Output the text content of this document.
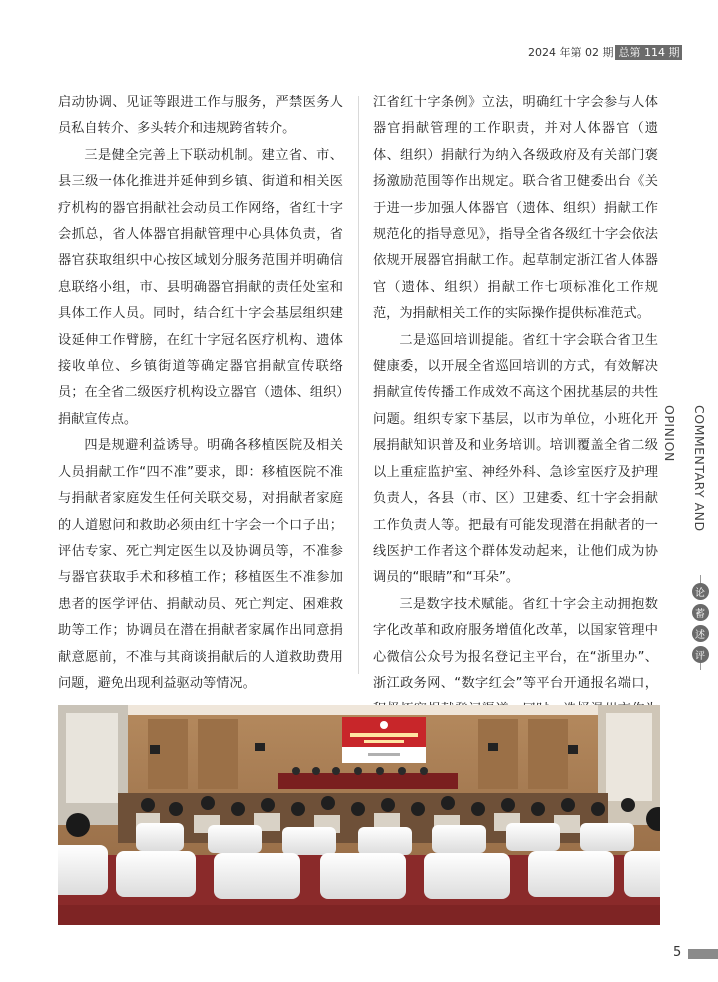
2024 年第 02 期 总第 114 期

启动协调、见证等跟进工作与服务，严禁医务人员私自转介、多头转介和违规跨省转介。

三是健全完善上下联动机制。建立省、市、县三级一体化推进并延伸到乡镇、街道和相关医疗机构的器官捐献社会动员工作网络，省红十字会抓总，省人体器官捐献管理中心具体负责，省器官获取组织中心按区域划分服务范围并明确信息联络小组，市、县明确器官捐献的责任处室和具体工作人员。同时，结合红十字会基层组织建设延伸工作臂膀，在红十字冠名医疗机构、遗体接收单位、乡镇街道等确定器官捐献宣传联络员；在全省二级医疗机构设立器官（遗体、组织）捐献宣传点。

四是规避利益诱导。明确各移植医院及相关人员捐献工作“四不准”要求，即：移植医院不准与捐献者家庭发生任何关联交易，对捐献者家庭的人道慰问和救助必须由红十字会一个口子出；评估专家、死亡判定医生以及协调员等，不准参与器官获取手术和移植工作；移植医生不准参加患者的医学评估、捐献动员、死亡判定、困难救助等工作；协调员在潜在捐献者家属作出同意捐献意愿前，不准与其商谈捐献后的人道救助费用问题，避免出现利益驱动等情况。

江省红十字条例》立法，明确红十字会参与人体器官捐献管理的工作职责，并对人体器官（遗体、组织）捐献行为纳入各级政府及有关部门褒扬激励范围等作出规定。联合省卫健委出台《关于进一步加强人体器官（遗体、组织）捐献工作规范化的指导意见》，指导全省各级红十字会依法依规开展器官捐献工作。起草制定浙江省人体器官（遗体、组织）捐献工作七项标准化工作规范，为捐献相关工作的实际操作提供标准范式。

二是巡回培训提能。省红十字会联合省卫生健康委，以开展全省巡回培训的方式，有效解决捐献宣传传播工作成效不高这个困扰基层的共性问题。组织专家下基层，以市为单位，小班化开展捐献知识普及和业务培训。培训覆盖全省二级以上重症监护室、神经外科、急诊室医疗及护理负责人，各县（市、区）卫建委、红十字会捐献工作负责人等。把最有可能发现潜在捐献者的一线医护工作者这个群体发动起来，让他们成为协调员的“眼睛”和“耳朵”。

三是数字技术赋能。省红十字会主动拥抱数字化改革和政府服务增值化改革，以国家管理中心微信公众号为报名登记主平台，在“浙里办”、浙江政务网、“数字红会”等平台开通报名端口，

COMMENTARY AND OPINION
论
蓄
述
评
5
